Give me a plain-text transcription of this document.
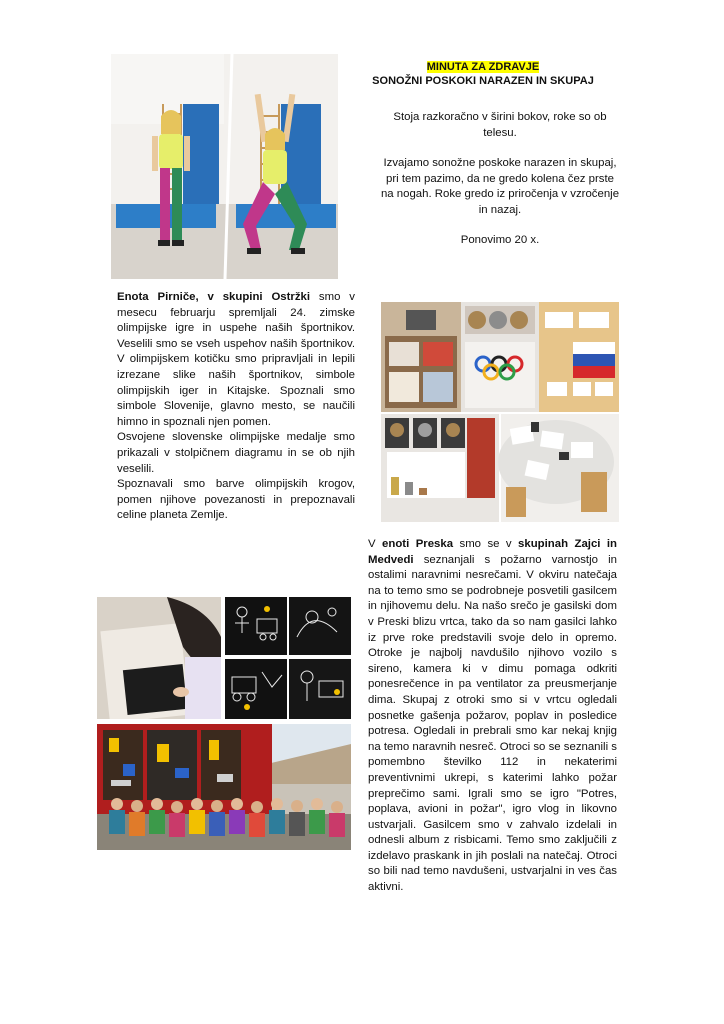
MINUTA ZA ZDRAVJE
SONOŽNI POSKOKI NARAZEN IN SKUPAJ

Stoja razkoračno v širini bokov, roke so ob telesu.

Izvajamo sonožne poskoke narazen in skupaj, pri tem pazimo, da ne gredo kolena čez prste na nogah. Roke gredo iz priročenja v vzročenje in nazaj.

Ponovimo 20 x.

Enota Pirniče, v skupini Ostržki smo v mesecu februarju spremljali 24. zimske olimpijske igre in uspehe naših športnikov. Veselili smo se vseh uspehov naših športnikov. V olimpijskem kotičku smo pripravljali in lepili izrezane slike naših športnikov, simbole olimpijskih iger in Kitajske. Spoznali smo simbole Slovenije, glavno mesto, se naučili himno in spoznali njen pomen.

Osvojene slovenske olimpijske medalje smo prikazali v stolpičnem diagramu in se ob njih veselili.

Spoznavali smo barve olimpijskih krogov, pomen njihove povezanosti in prepoznavali celine planeta Zemlje.

V enoti Preska smo se v skupinah Zajci in Medvedi seznanjali s požarno varnostjo in ostalimi naravnimi nesrečami. V okviru natečaja na to temo smo se podrobneje posvetili gasilcem in njihovemu delu. Na našo srečo je gasilski dom v Preski blizu vrtca, tako da so nam gasilci lahko iz prve roke predstavili svoje delo in opremo. Otroke je najbolj navdušilo njihovo vozilo s sireno, kamera ki v dimu pomaga odkriti ponesrečence in pa ventilator za preusmerjanje dima. Skupaj z otroki smo si v vrtcu ogledali posnetke gašenja požarov, poplav in posledice potresa. Ogledali in prebrali smo kar nekaj knjig na temo naravnih nesreč. Otroci so se seznanili s pomembno številko 112 in nekaterimi preventivnimi ukrepi, s katerimi lahko požar preprečimo sami. Igrali smo se igro "Potres, poplava, avioni in požar", igro vlog in likovno ustvarjali. Gasilcem smo v zahvalo izdelali in odnesli album z risbicami. Temo smo zaključili z izdelavo praskank in jih poslali na natečaj. Otroci so bili nad temo navdušeni, ustvarjalni in ves čas aktivni.
